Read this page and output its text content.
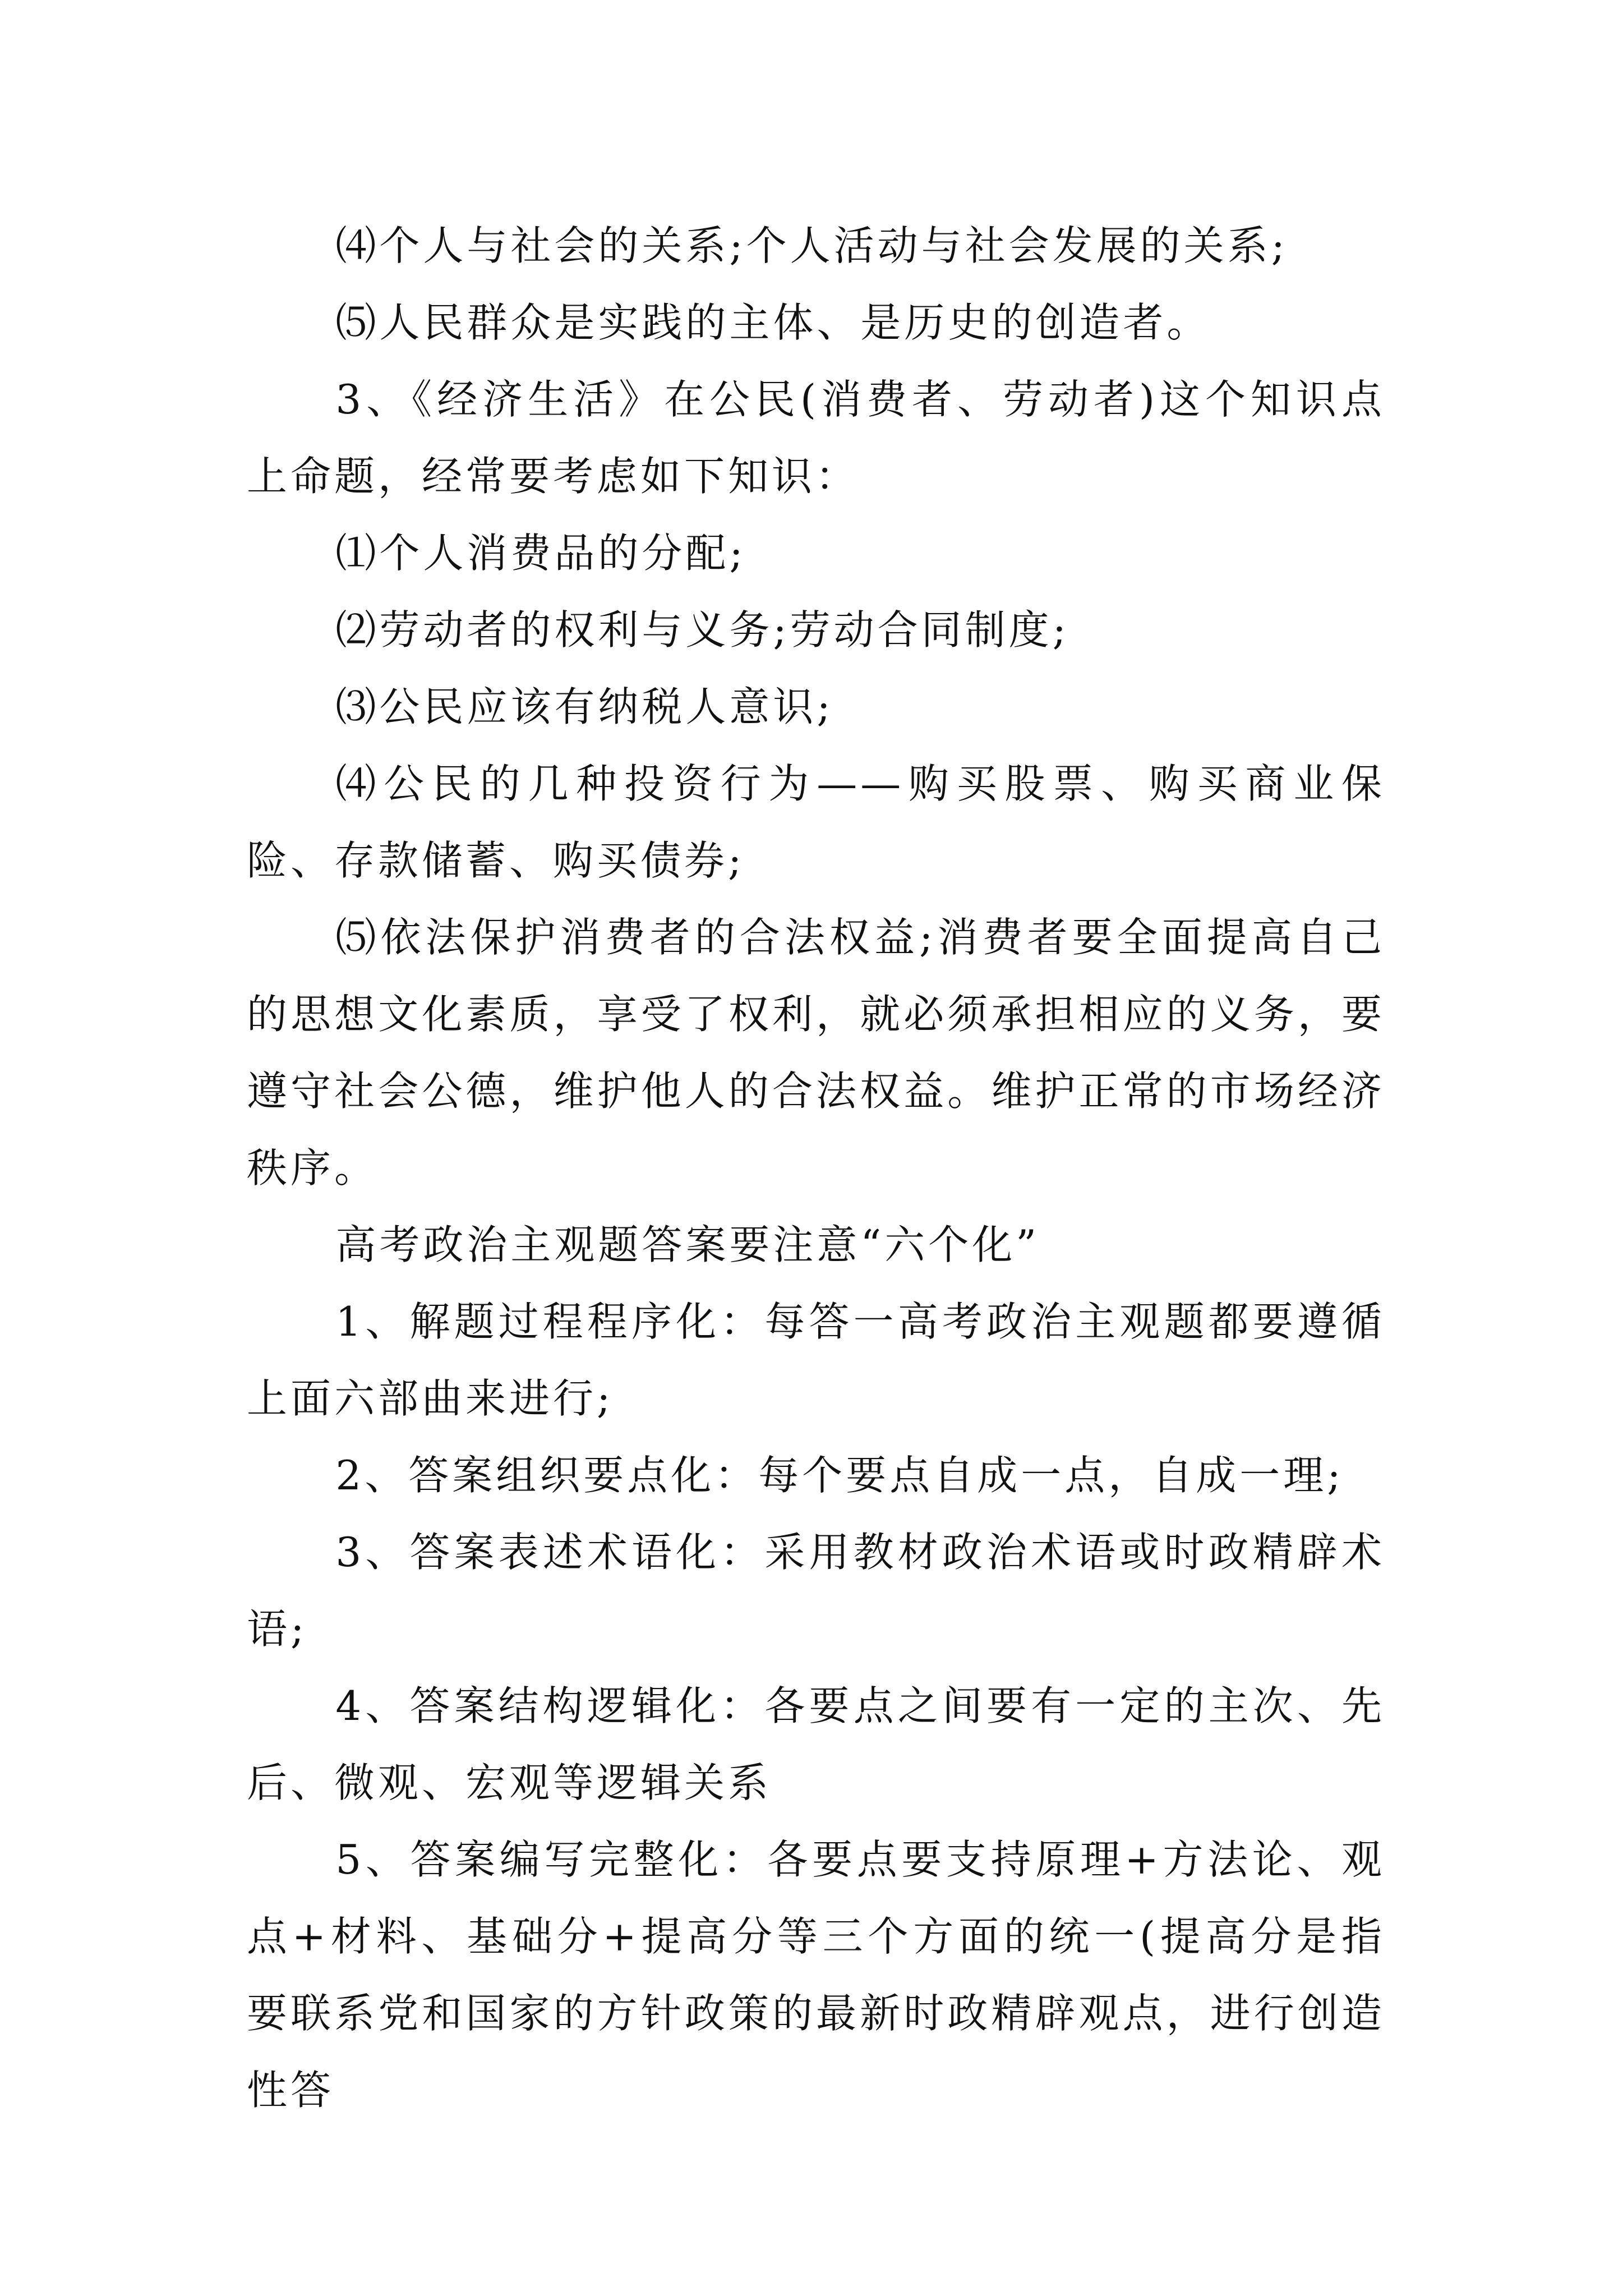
⑷个人与社会的关系;个人活动与社会发展的关系;

⑸人民群众是实践的主体、是历史的创造者。

3、《经济生活》在公民(消费者、劳动者)这个知识点上命题，经常要考虑如下知识：

⑴个人消费品的分配;

⑵劳动者的权利与义务;劳动合同制度;

⑶公民应该有纳税人意识;

⑷公民的几种投资行为——购买股票、购买商业保险、存款储蓄、购买债券;

⑸依法保护消费者的合法权益;消费者要全面提高自己的思想文化素质，享受了权利，就必须承担相应的义务，要遵守社会公德，维护他人的合法权益。维护正常的市场经济秩序。

高考政治主观题答案要注意“六个化”

1、解题过程程序化：每答一高考政治主观题都要遵循上面六部曲来进行;

2、答案组织要点化：每个要点自成一点，自成一理;

3、答案表述术语化：采用教材政治术语或时政精辟术语;

4、答案结构逻辑化：各要点之间要有一定的主次、先后、微观、宏观等逻辑关系

5、答案编写完整化：各要点要支持原理+方法论、观点+材料、基础分+提高分等三个方面的统一(提高分是指要联系党和国家的方针政策的最新时政精辟观点，进行创造性答
